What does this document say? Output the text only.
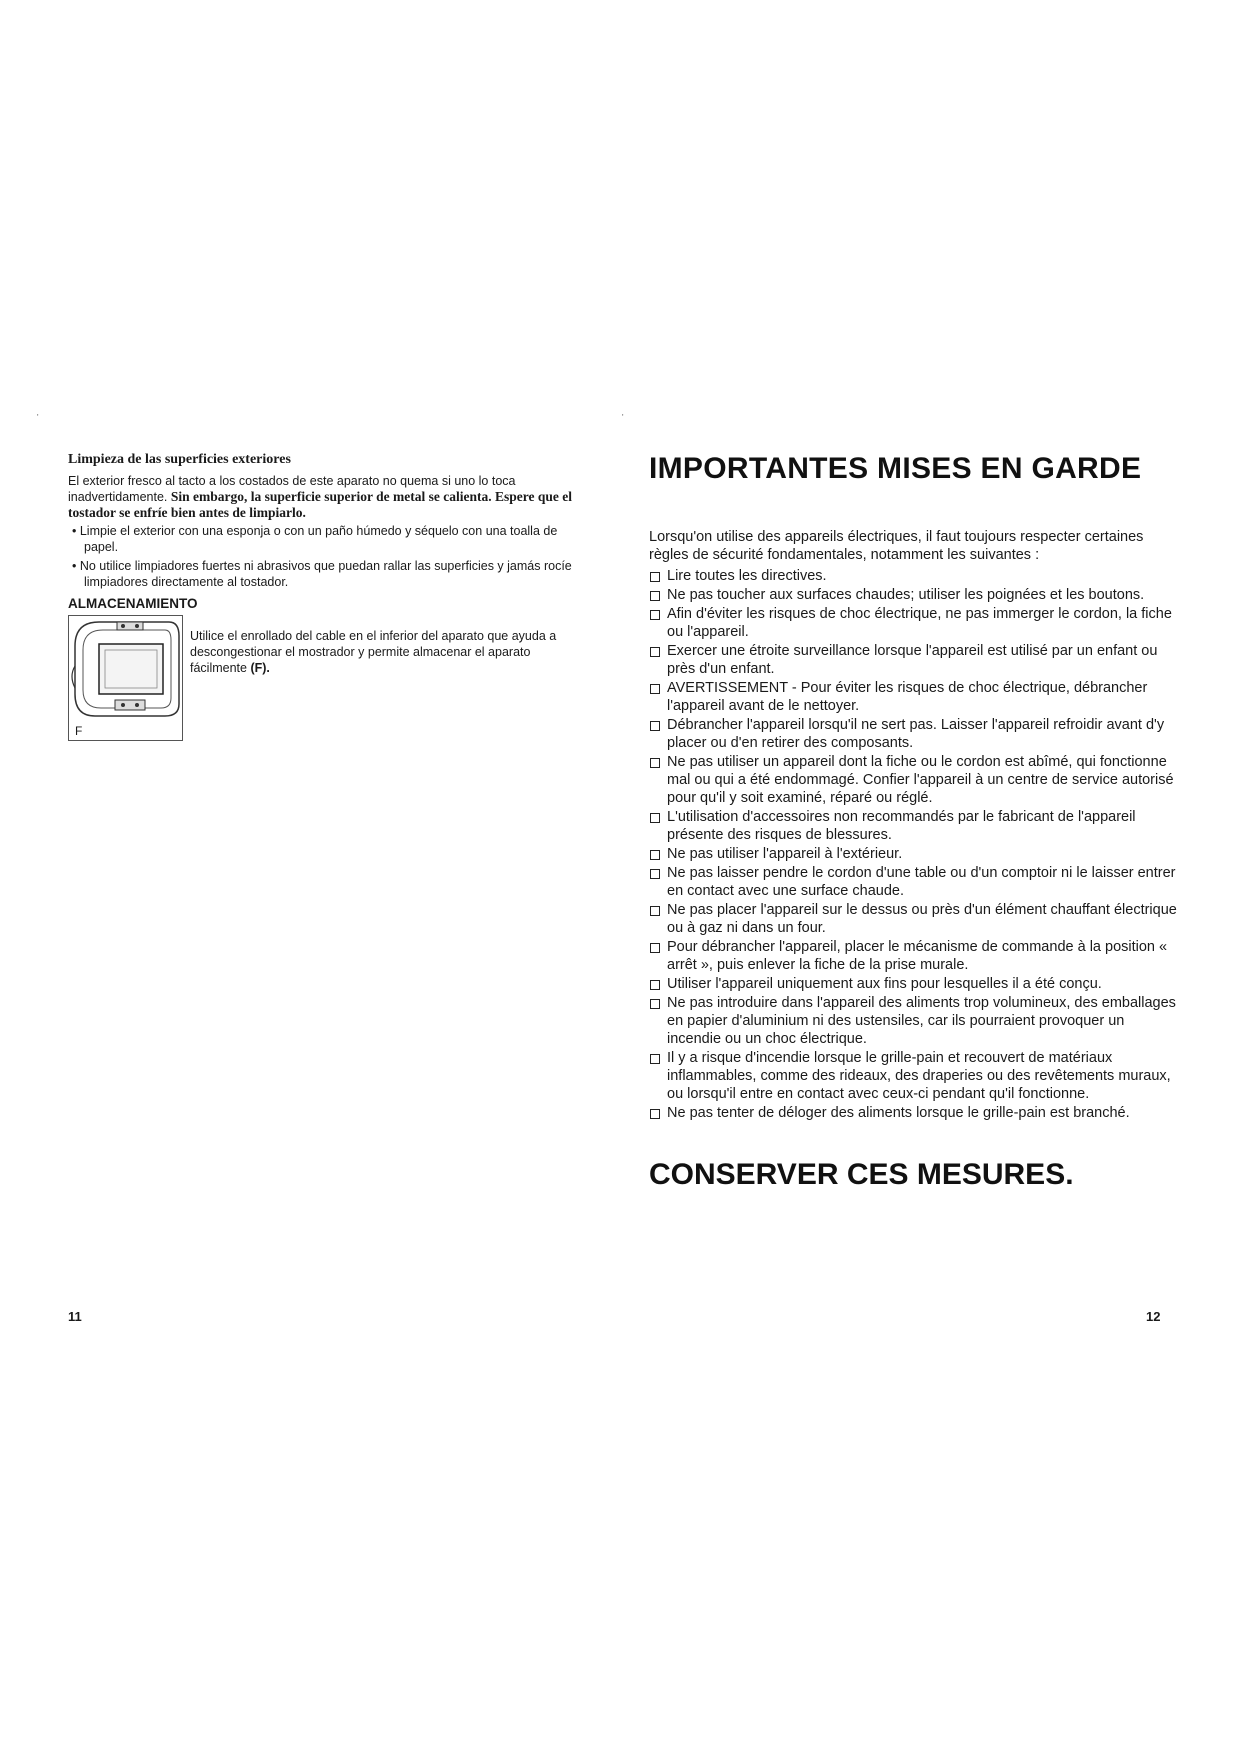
'	'
Limpieza de las superficies exteriores

El exterior fresco al tacto a los costados de este aparato no quema si uno lo toca inadvertidamente. Sin embargo, la superficie superior de metal se calienta. Espere que el tostador se enfríe bien antes de limpiarlo.

• Limpie el exterior con una esponja o con un paño húmedo y séquelo con una toalla de papel.
• No utilice limpiadores fuertes ni abrasivos que puedan rallar las superficies y jamás rocíe limpiadores directamente al tostador.
ALMACENAMIENTO
F

Utilice el enrollado del cable en el inferior del aparato que ayuda a descongestionar el mostrador y permite almacenar el aparato fácilmente (F).

IMPORTANTES MISES EN GARDE

Lorsqu'on utilise des appareils électriques, il faut toujours respecter certaines règles de sécurité fondamentales, notamment les suivantes :

Lire toutes les directives.
Ne pas toucher aux surfaces chaudes; utiliser les poignées et les boutons.
Afin d'éviter les risques de choc électrique, ne pas immerger le cordon, la fiche ou l'appareil.
Exercer une étroite surveillance lorsque l'appareil est utilisé par un enfant ou près d'un enfant.
AVERTISSEMENT - Pour éviter les risques de choc électrique, débrancher l'appareil avant de le nettoyer.
Débrancher l'appareil lorsqu'il ne sert pas. Laisser l'appareil refroidir avant d'y placer ou d'en retirer des composants.
Ne pas utiliser un appareil dont la fiche ou le cordon est abîmé, qui fonctionne mal ou qui a été endommagé. Confier l'appareil à un centre de service autorisé pour qu'il y soit examiné, réparé ou réglé.
L'utilisation d'accessoires non recommandés par le fabricant de l'appareil présente des risques de blessures.
Ne pas utiliser l'appareil à l'extérieur.
Ne pas laisser pendre le cordon d'une table ou d'un comptoir ni le laisser entrer en contact avec une surface chaude.
Ne pas placer l'appareil sur le dessus ou près d'un élément chauffant électrique ou à gaz ni dans un four.
Pour débrancher l'appareil, placer le mécanisme de commande à la position « arrêt », puis enlever la fiche de la prise murale.
Utiliser l'appareil uniquement aux fins pour lesquelles il a été conçu.
Ne pas introduire dans l'appareil des aliments trop volumineux, des emballages en papier d'aluminium ni des ustensiles, car ils pourraient provoquer un incendie ou un choc électrique.
Il y a risque d'incendie lorsque le grille-pain et recouvert de matériaux inflammables, comme des rideaux, des draperies ou des revêtements muraux, ou lorsqu'il entre en contact avec ceux-ci pendant qu'il fonctionne.
Ne pas tenter de déloger des aliments lorsque le grille-pain est branché.
CONSERVER CES MESURES.
11	12
